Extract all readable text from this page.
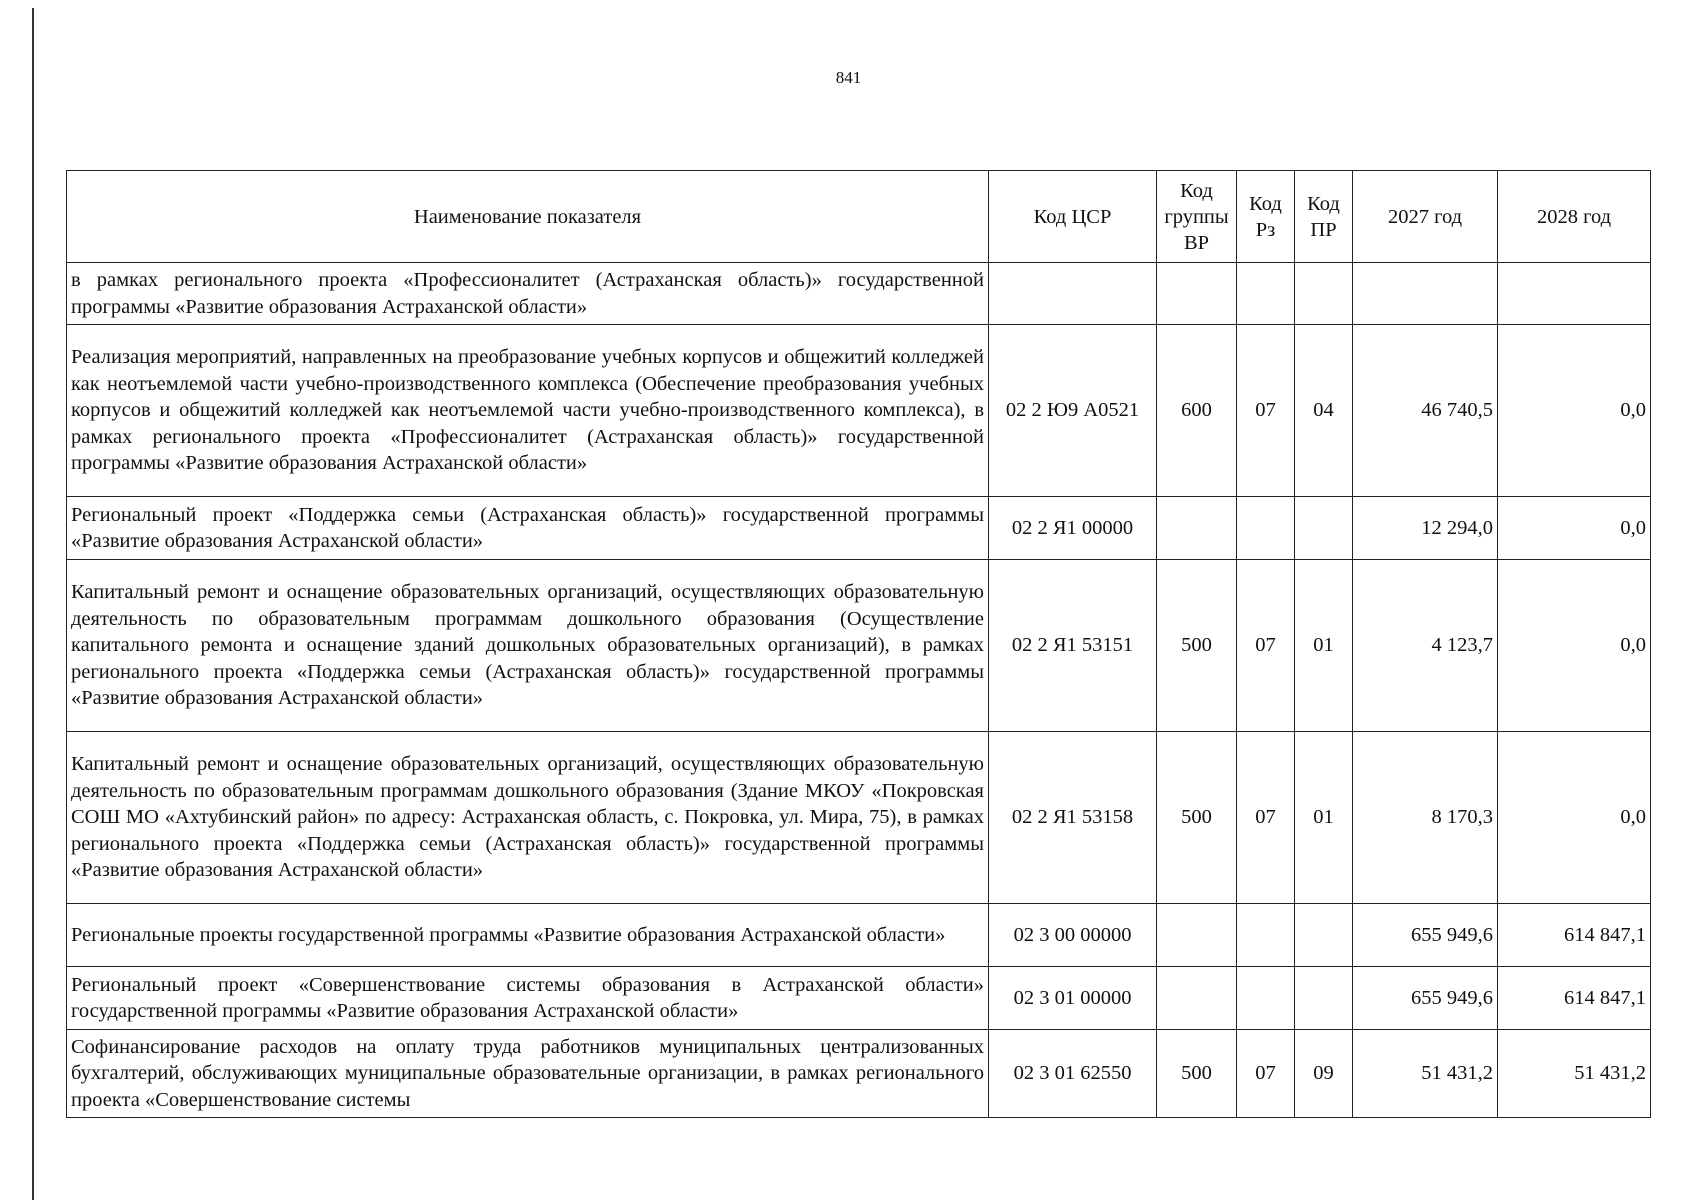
841
Наименование показателя	Код ЦСР	Код группы ВР	Код Рз	Код ПР	2027 год	2028 год
в рамках регионального проекта «Профессионалитет (Астраханская область)» государственной программы «Развитие образования Астраханской области»						
Реализация мероприятий, направленных на преобразование учебных корпусов и общежитий колледжей как неотъемлемой части учебно-производственного комплекса (Обеспечение преобразования учебных корпусов и общежитий колледжей как неотъемлемой части учебно-производственного комплекса), в рамках регионального проекта «Профессионалитет (Астраханская область)» государственной программы «Развитие образования Астраханской области»	02 2 Ю9 А0521	600	07	04	46 740,5	0,0
Региональный проект «Поддержка семьи (Астраханская область)» государственной программы «Развитие образования Астраханской области»	02 2 Я1 00000				12 294,0	0,0
Капитальный ремонт и оснащение образовательных организаций, осуществляющих образовательную деятельность по образовательным программам дошкольного образования (Осуществление капитального ремонта и оснащение зданий дошкольных образовательных организаций), в рамках регионального проекта «Поддержка семьи (Астраханская область)» государственной программы «Развитие образования Астраханской области»	02 2 Я1 53151	500	07	01	4 123,7	0,0
Капитальный ремонт и оснащение образовательных организаций, осуществляющих образовательную деятельность по образовательным программам дошкольного образования (Здание МКОУ «Покровская СОШ МО «Ахтубинский район» по адресу: Астраханская область, с. Покровка, ул. Мира, 75), в рамках регионального проекта «Поддержка семьи (Астраханская область)» государственной программы «Развитие образования Астраханской области»	02 2 Я1 53158	500	07	01	8 170,3	0,0
Региональные проекты государственной программы «Развитие образования Астраханской области»	02 3 00 00000				655 949,6	614 847,1
Региональный проект «Совершенствование системы образования в Астраханской области» государственной программы «Развитие образования Астраханской области»	02 3 01 00000				655 949,6	614 847,1
Софинансирование расходов на оплату труда работников муниципальных централизованных бухгалтерий, обслуживающих муниципальные образовательные организации, в рамках регионального проекта «Совершенствование системы	02 3 01 62550	500	07	09	51 431,2	51 431,2
